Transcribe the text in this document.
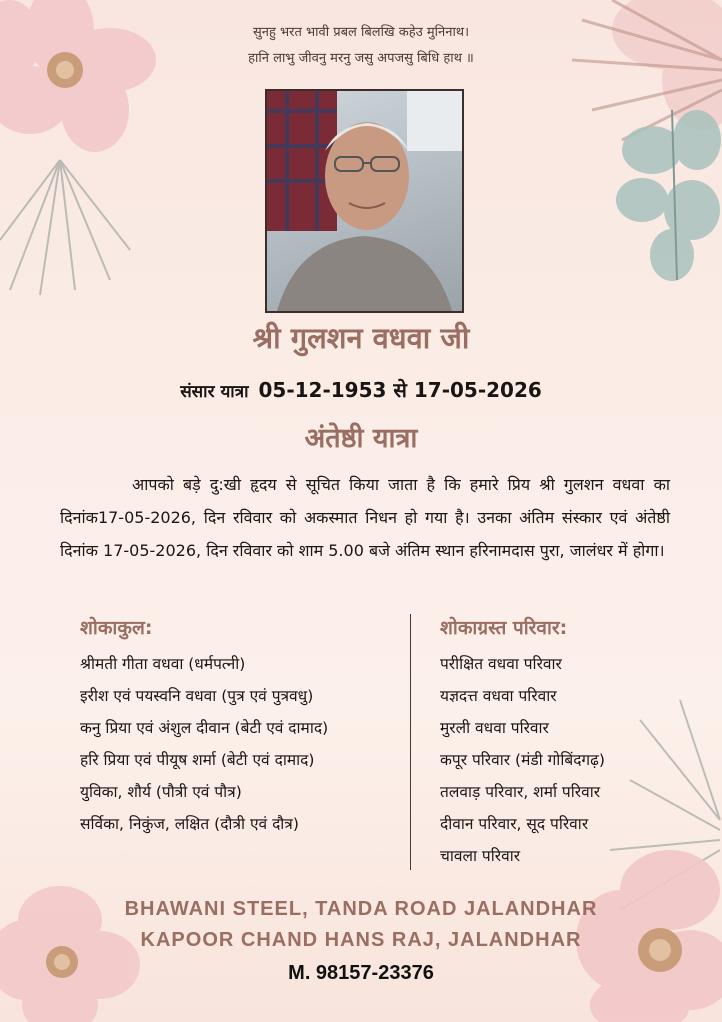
सुनहु भरत भावी प्रबल बिलखि कहेउ मुनिनाथ।
हानि लाभु जीवनु मरनु जसु अपजसु बिधि हाथ ॥
श्री गुलशन वधवा जी
संसार यात्रा 05-12-1953 से 17-05-2026
अंतेष्ठी यात्रा
आपको बड़े दु:खी हृदय से सूचित किया जाता है कि हमारे प्रिय श्री गुलशन वधवा का दिनांक17-05-2026, दिन रविवार को अकस्मात निधन हो गया है। उनका अंतिम संस्कार एवं अंतेष्ठी दिनांक 17-05-2026, दिन रविवार को शाम 5.00 बजे अंतिम स्थान हरिनामदास पुरा, जालंधर में होगा।
शोकाकुल:
श्रीमती गीता वधवा (धर्मपत्नी)
इरीश एवं पयस्वनि वधवा (पुत्र एवं पुत्रवधु)
कनु प्रिया एवं अंशुल दीवान (बेटी एवं दामाद)
हरि प्रिया एवं पीयूष शर्मा (बेटी एवं दामाद)
युविका, शौर्य (पौत्री एवं पौत्र)
सर्विका, निकुंज, लक्षित (दौत्री एवं दौत्र)
शोकाग्रस्त परिवार:
परीक्षित वधवा परिवार
यज्ञदत्त वधवा परिवार
मुरली वधवा परिवार
कपूर परिवार (मंडी गोबिंदगढ़)
तलवाड़ परिवार, शर्मा परिवार
दीवान परिवार, सूद परिवार
चावला परिवार
BHAWANI STEEL, TANDA ROAD JALANDHAR
KAPOOR CHAND HANS RAJ, JALANDHAR
M. 98157-23376
